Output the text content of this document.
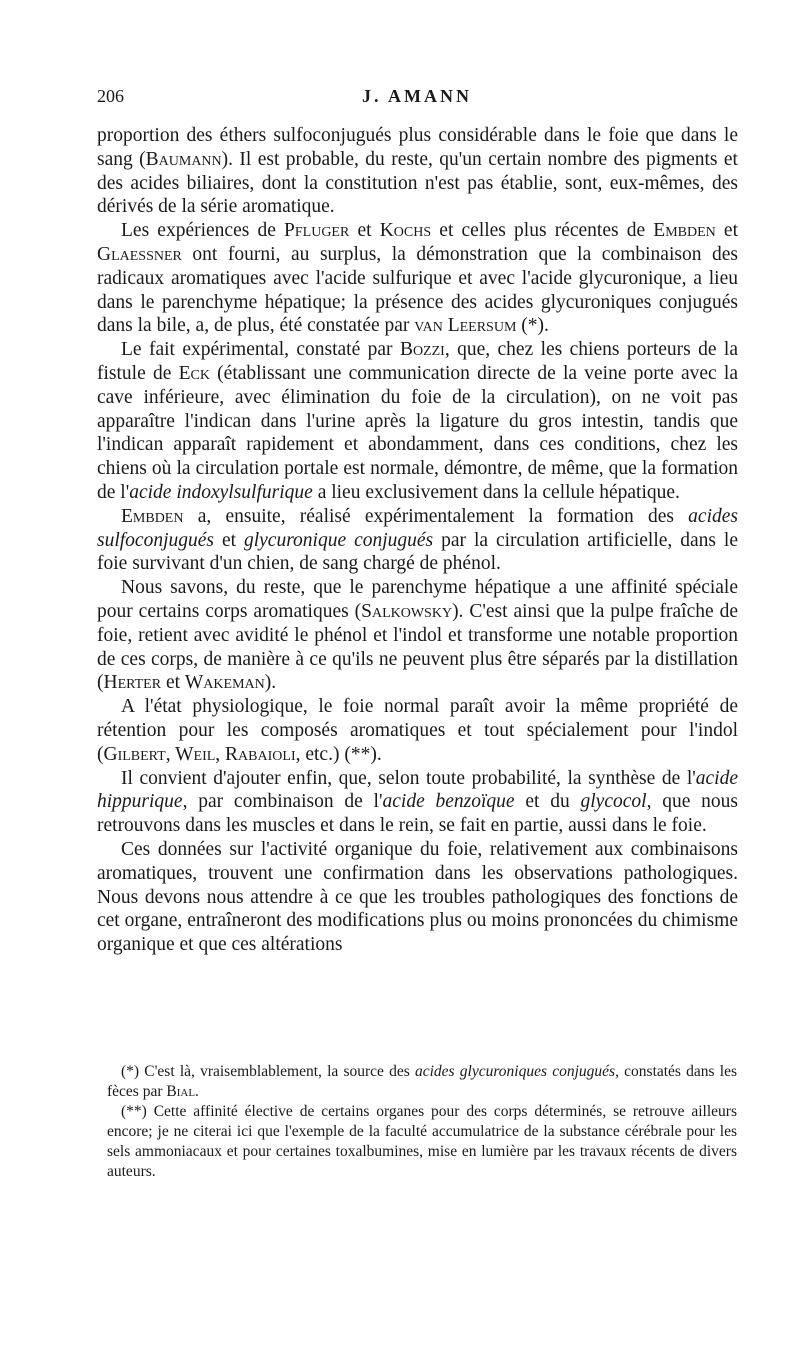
206	J. AMANN

proportion des éthers sulfoconjugués plus considérable dans le foie que dans le sang (Baumann). Il est probable, du reste, qu'un certain nombre des pigments et des acides biliaires, dont la constitution n'est pas établie, sont, eux-mêmes, des dérivés de la série aromatique.

Les expériences de Pfluger et Kochs et celles plus récentes de Embden et Glaessner ont fourni, au surplus, la démonstration que la combinaison des radicaux aromatiques avec l'acide sulfurique et avec l'acide glycuronique, a lieu dans le parenchyme hépatique; la présence des acides glycuroniques conjugués dans la bile, a, de plus, été constatée par van Leersum (*).

Le fait expérimental, constaté par Bozzi, que, chez les chiens porteurs de la fistule de Eck (établissant une communication directe de la veine porte avec la cave inférieure, avec élimination du foie de la circulation), on ne voit pas apparaître l'indican dans l'urine après la ligature du gros intestin, tandis que l'indican apparaît rapidement et abondamment, dans ces conditions, chez les chiens où la circulation portale est normale, démontre, de même, que la formation de l'acide indoxylsulfurique a lieu exclusivement dans la cellule hépatique.

Embden a, ensuite, réalisé expérimentalement la formation des acides sulfoconjugués et glycuronique conjugués par la circulation artificielle, dans le foie survivant d'un chien, de sang chargé de phénol.

Nous savons, du reste, que le parenchyme hépatique a une affinité spéciale pour certains corps aromatiques (Salkowsky). C'est ainsi que la pulpe fraîche de foie, retient avec avidité le phénol et l'indol et transforme une notable proportion de ces corps, de manière à ce qu'ils ne peuvent plus être séparés par la distillation (Herter et Wakeman).

A l'état physiologique, le foie normal paraît avoir la même propriété de rétention pour les composés aromatiques et tout spécialement pour l'indol (Gilbert, Weil, Rabaioli, etc.) (**).

Il convient d'ajouter enfin, que, selon toute probabilité, la synthèse de l'acide hippurique, par combinaison de l'acide benzoïque et du glycocol, que nous retrouvons dans les muscles et dans le rein, se fait en partie, aussi dans le foie.

Ces données sur l'activité organique du foie, relativement aux combinaisons aromatiques, trouvent une confirmation dans les observations pathologiques. Nous devons nous attendre à ce que les troubles pathologiques des fonctions de cet organe, entraîneront des modifications plus ou moins prononcées du chimisme organique et que ces altérations

(*) C'est là, vraisemblablement, la source des acides glycuroniques conjugués, constatés dans les fèces par Bial.

(**) Cette affinité élective de certains organes pour des corps déterminés, se retrouve ailleurs encore; je ne citerai ici que l'exemple de la faculté accumulatrice de la substance cérébrale pour les sels ammoniacaux et pour certaines toxalbumines, mise en lumière par les travaux récents de divers auteurs.
